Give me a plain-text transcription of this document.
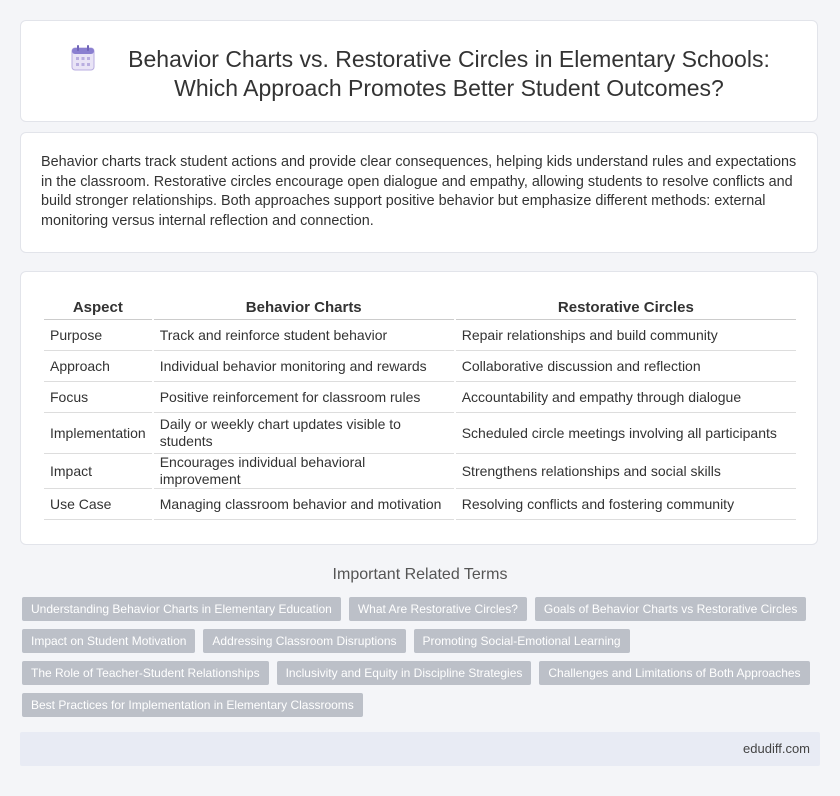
Behavior Charts vs. Restorative Circles in Elementary Schools: Which Approach Promotes Better Student Outcomes?

Behavior charts track student actions and provide clear consequences, helping kids understand rules and expectations in the classroom. Restorative circles encourage open dialogue and empathy, allowing students to resolve conflicts and build stronger relationships. Both approaches support positive behavior but emphasize different methods: external monitoring versus internal reflection and connection.

Aspect	Behavior Charts	Restorative Circles
Purpose	Track and reinforce student behavior	Repair relationships and build community
Approach	Individual behavior monitoring and rewards	Collaborative discussion and reflection
Focus	Positive reinforcement for classroom rules	Accountability and empathy through dialogue
Implementation	Daily or weekly chart updates visible to students	Scheduled circle meetings involving all participants
Impact	Encourages individual behavioral improvement	Strengthens relationships and social skills
Use Case	Managing classroom behavior and motivation	Resolving conflicts and fostering community
Important Related Terms
Understanding Behavior Charts in Elementary Education	What Are Restorative Circles?	Goals of Behavior Charts vs Restorative Circles
Impact on Student Motivation	Addressing Classroom Disruptions	Promoting Social-Emotional Learning
The Role of Teacher-Student Relationships	Inclusivity and Equity in Discipline Strategies	Challenges and Limitations of Both Approaches
Best Practices for Implementation in Elementary Classrooms
edudiff.com
